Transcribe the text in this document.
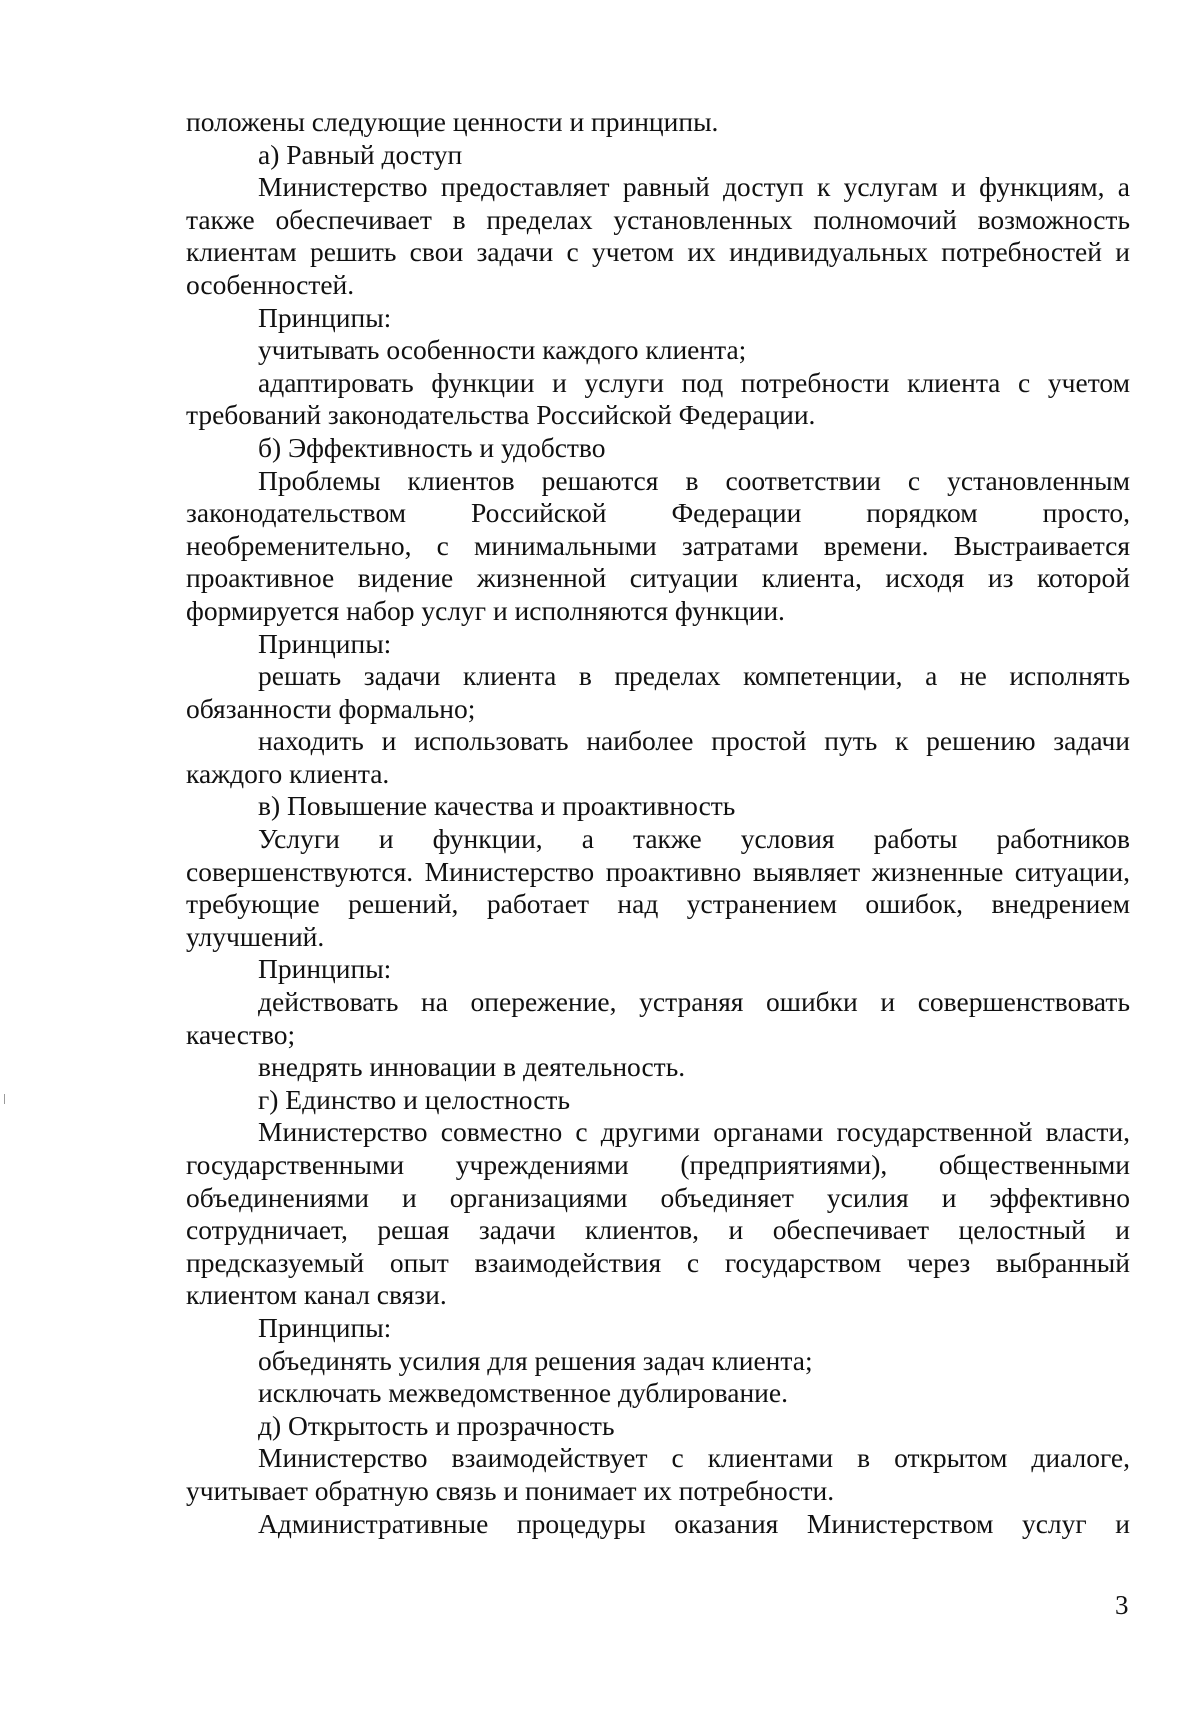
положены следующие ценности и принципы.
а) Равный доступ
Министерство предоставляет равный доступ к услугам и функциям, а
также обеспечивает в пределах установленных полномочий возможность
клиентам решить свои задачи с учетом их индивидуальных потребностей и
особенностей.
Принципы:
учитывать особенности каждого клиента;
адаптировать функции и услуги под потребности клиента с учетом
требований законодательства Российской Федерации.
б) Эффективность и удобство
Проблемы клиентов решаются в соответствии с установленным
законодательством Российской Федерации порядком просто,
необременительно, с минимальными затратами времени. Выстраивается
проактивное видение жизненной ситуации клиента, исходя из которой
формируется набор услуг и исполняются функции.
Принципы:
решать задачи клиента в пределах компетенции, а не исполнять
обязанности формально;
находить и использовать наиболее простой путь к решению задачи
каждого клиента.
в) Повышение качества и проактивность
Услуги и функции, а также условия работы работников
совершенствуются. Министерство проактивно выявляет жизненные ситуации,
требующие решений, работает над устранением ошибок, внедрением
улучшений.
Принципы:
действовать на опережение, устраняя ошибки и совершенствовать
качество;
внедрять инновации в деятельность.
г) Единство и целостность
Министерство совместно с другими органами государственной власти,
государственными учреждениями (предприятиями), общественными
объединениями и организациями объединяет усилия и эффективно
сотрудничает, решая задачи клиентов, и обеспечивает целостный и
предсказуемый опыт взаимодействия с государством через выбранный
клиентом канал связи.
Принципы:
объединять усилия для решения задач клиента;
исключать межведомственное дублирование.
д) Открытость и прозрачность
Министерство взаимодействует с клиентами в открытом диалоге,
учитывает обратную связь и понимает их потребности.
Административные процедуры оказания Министерством услуг и
3
